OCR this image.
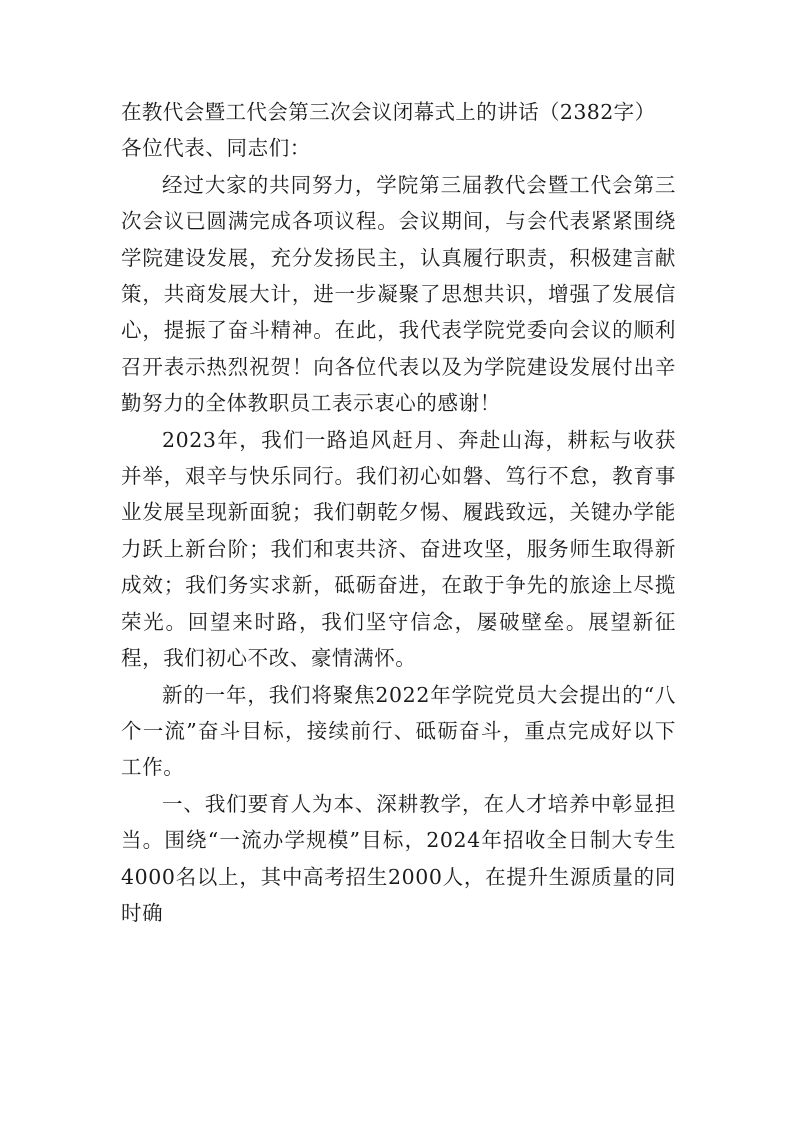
在教代会暨工代会第三次会议闭幕式上的讲话（2382字）

各位代表、同志们：

经过大家的共同努力，学院第三届教代会暨工代会第三次会议已圆满完成各项议程。会议期间，与会代表紧紧围绕学院建设发展，充分发扬民主，认真履行职责，积极建言献策，共商发展大计，进一步凝聚了思想共识，增强了发展信心，提振了奋斗精神。在此，我代表学院党委向会议的顺利召开表示热烈祝贺！向各位代表以及为学院建设发展付出辛勤努力的全体教职员工表示衷心的感谢！

2023年，我们一路追风赶月、奔赴山海，耕耘与收获并举，艰辛与快乐同行。我们初心如磐、笃行不怠，教育事业发展呈现新面貌；我们朝乾夕惕、履践致远，关键办学能力跃上新台阶；我们和衷共济、奋进攻坚，服务师生取得新成效；我们务实求新，砥砺奋进，在敢于争先的旅途上尽揽荣光。回望来时路，我们坚守信念，屡破壁垒。展望新征程，我们初心不改、豪情满怀。

新的一年，我们将聚焦2022年学院党员大会提出的“八个一流”奋斗目标，接续前行、砥砺奋斗，重点完成好以下工作。

一、我们要育人为本、深耕教学，在人才培养中彰显担当。围绕“一流办学规模”目标，2024年招收全日制大专生4000名以上，其中高考招生2000人，在提升生源质量的同时确
